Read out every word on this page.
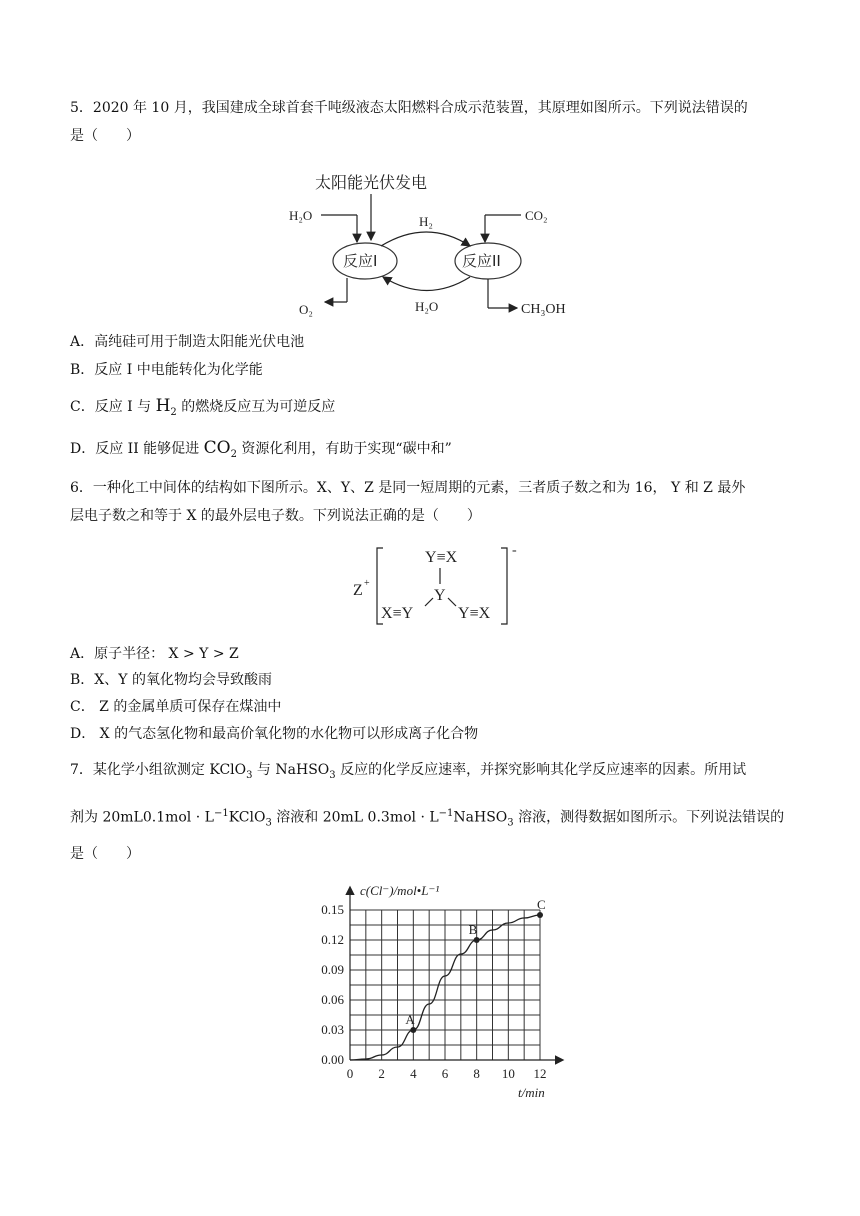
5．2020 年 10 月，我国建成全球首套千吨级液态太阳燃料合成示范装置，其原理如图所示。下列说法错误的
是（　　）
太阳能光伏发电
H₂O
反应I	反应II
H₂
H₂O
CO₂
O₂	CH₃OH
A．高纯硅可用于制造太阳能光伏电池
B．反应 I 中电能转化为化学能
C．反应 I 与 $H_2$ 的燃烧反应互为可逆反应
D．反应 II 能够促进 $CO_2$ 资源化利用，有助于实现“碳中和”
6．一种化工中间体的结构如下图所示。X、Y、Z 是同一短周期的元素，三者质子数之和为 16， Y 和 Z 最外
层电子数之和等于 X 的最外层电子数。下列说法正确的是（　　）
Z +
-
Y≡X
Y
X≡Y	Y≡X
A．原子半径： X > Y > Z
B．X、Y 的氧化物均会导致酸雨
C． Z 的金属单质可保存在煤油中
D． X 的气态氢化物和最高价氧化物的水化物可以形成离子化合物
7．某化学小组欲测定 KClO$_3$ 与 NaHSO$_3$ 反应的化学反应速率，并探究影响其化学反应速率的因素。所用试
剂为 $20mL0.1mol \cdot L^{-1}KClO_3$ 溶液和 20mL $0.3mol \cdot L^{-1}NaHSO_3$ 溶液，测得数据如图所示。下列说法错误的
是（　　）
0 2 4 6 8 10 12
0.00
0.03
0.06
0.09
0.12
0.15
A
B
C
c(Cl⁻)/mol•L⁻¹
t/min
